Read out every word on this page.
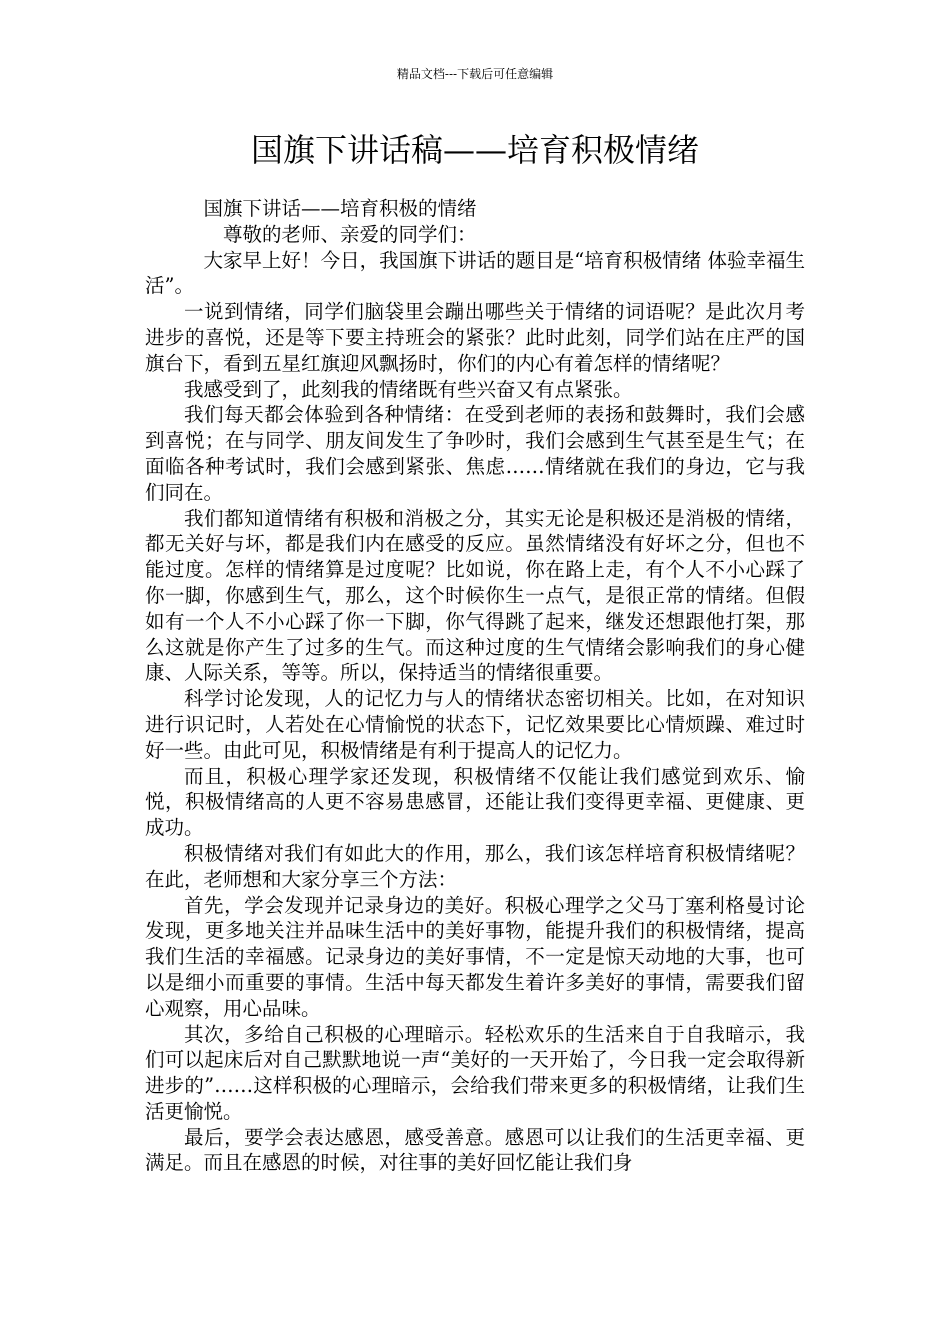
精品文档---下载后可任意编辑
国旗下讲话稿——培育积极情绪

国旗下讲话——培育积极的情绪

尊敬的老师、亲爱的同学们：

大家早上好！今日，我国旗下讲话的题目是“培育积极情绪 体验幸福生活”。

一说到情绪，同学们脑袋里会蹦出哪些关于情绪的词语呢？是此次月考进步的喜悦，还是等下要主持班会的紧张？此时此刻，同学们站在庄严的国旗台下，看到五星红旗迎风飘扬时，你们的内心有着怎样的情绪呢？

我感受到了，此刻我的情绪既有些兴奋又有点紧张。

我们每天都会体验到各种情绪：在受到老师的表扬和鼓舞时，我们会感到喜悦；在与同学、朋友间发生了争吵时，我们会感到生气甚至是生气；在面临各种考试时，我们会感到紧张、焦虑……情绪就在我们的身边，它与我们同在。

我们都知道情绪有积极和消极之分，其实无论是积极还是消极的情绪，都无关好与坏，都是我们内在感受的反应。虽然情绪没有好坏之分，但也不能过度。怎样的情绪算是过度呢？比如说，你在路上走，有个人不小心踩了你一脚，你感到生气，那么，这个时候你生一点气，是很正常的情绪。但假如有一个人不小心踩了你一下脚，你气得跳了起来，继发还想跟他打架，那么这就是你产生了过多的生气。而这种过度的生气情绪会影响我们的身心健康、人际关系，等等。所以，保持适当的情绪很重要。

科学讨论发现，人的记忆力与人的情绪状态密切相关。比如，在对知识进行识记时，人若处在心情愉悦的状态下，记忆效果要比心情烦躁、难过时好一些。由此可见，积极情绪是有利于提高人的记忆力。

而且，积极心理学家还发现，积极情绪不仅能让我们感觉到欢乐、愉悦，积极情绪高的人更不容易患感冒，还能让我们变得更幸福、更健康、更成功。

积极情绪对我们有如此大的作用，那么，我们该怎样培育积极情绪呢？在此，老师想和大家分享三个方法：

首先，学会发现并记录身边的美好。积极心理学之父马丁塞利格曼讨论发现，更多地关注并品味生活中的美好事物，能提升我们的积极情绪，提高我们生活的幸福感。记录身边的美好事情，不一定是惊天动地的大事，也可以是细小而重要的事情。生活中每天都发生着许多美好的事情，需要我们留心观察，用心品味。

其次，多给自己积极的心理暗示。轻松欢乐的生活来自于自我暗示，我们可以起床后对自己默默地说一声“美好的一天开始了，今日我一定会取得新进步的”……这样积极的心理暗示，会给我们带来更多的积极情绪，让我们生活更愉悦。

最后，要学会表达感恩，感受善意。感恩可以让我们的生活更幸福、更满足。而且在感恩的时候，对往事的美好回忆能让我们身
